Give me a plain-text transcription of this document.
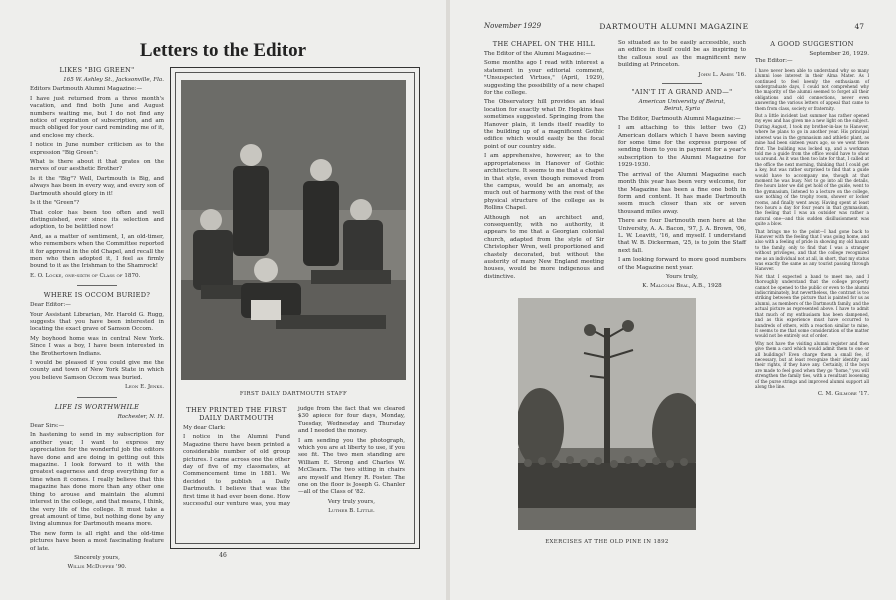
Letters to the Editor

LIKES "BIG GREEN"

165 W. Ashley St., Jacksonville, Fla.

Editors Dartmouth Alumni Magazine:—

I have just returned from a three month's vacation, and find both June and August numbers waiting me, but I do not find any notice of expiration of subscription, and am much obliged for your card reminding me of it, and enclose my check.

I notice in June number criticism as to the expression "Big Green":

What is there about it that grates on the nerves of our aesthetic Brother?

Is it the "Big"? Well, Dartmouth is Big, and always has been in every way, and every son of Dartmouth should glory in it!

Is it the "Green"?

That color has been too often and well distinguished, ever since its selection and adoption, to be belittled now!

And, as a matter of sentiment, I, an old-timer, who remembers when the Committee reported it for approval in the old Chapel, and recall the men who then adopted it, I feel as firmly bound to it as the Irishman to the Shamrock!

E. O. Locke, one-sixth of Class of 1870.

WHERE IS OCCOM BURIED?

Dear Editor:—

Your Assistant Librarian, Mr. Harold G. Rugg, suggests that you have been interested in locating the exact grave of Samson Occom.

My boyhood home was in central New York. Since I was a boy, I have been interested in the Brothertown Indians.

I would be pleased if you could give me the county and town of New York State in which you believe Samson Occom was buried.

Leon E. Jenks.

LIFE IS WORTHWHILE

Rochester, N. H.

Dear Sirs:—

In hastening to send in my subscription for another year, I want to express my appreciation for the wonderful job the editors have done and are doing in getting out this magazine. I look forward to it with the greatest eagerness and drop everything for a time when it comes. I really believe that this magazine has done more than any other one thing to arouse and maintain the alumni interest in the college, and that means, I think, the very life of the college. It must take a great amount of time, but nothing done by any living alumnus for Dartmouth means more.

The new form is all right and the old-time pictures have been a most fascinating feature of late.

Sincerely yours,

Willis McDuffee '90.

FIRST DAILY DARTMOUTH STAFF

THEY PRINTED THE FIRST

DAILY DARTMOUTH

My dear Clark:

I notice in the Alumni Fund Magazine there have been printed a considerable number of old group pictures. I came across one the other day of five of my classmates, at Commencement time in 1881. We decided to publish a Daily Dartmouth. I believe that was the first time it had ever been done. How successful our venture was, you may judge from the fact that we cleared $30 apiece for four days, Monday, Tuesday, Wednesday and Thursday and I needed the money.

I am sending you the photograph, which you are at liberty to use, if you see fit. The two men standing are William E. Strong and Charles W. McClearn. The two sitting in chairs are myself and Henry R. Foster. The one on the floor is Joseph G. Chanler—all of the Class of '82.

Very truly yours,

Luther B. Little.

46
November 1929	DARTMOUTH ALUMNI MAGAZINE	47

THE CHAPEL ON THE HILL

The Editor of the Alumni Magazine:—

Some months ago I read with interest a statement in your editorial comment, "Unsuspected Virtues," (April, 1929), suggesting the possibility of a new chapel for the college.

The Observatory hill provides an ideal location for exactly what Dr. Hopkins has sometimes suggested. Springing from the Hanover plain, it lends itself readily to the building up of a magnificent Gothic edifice which would easily be the focal point of our country side.

I am apprehensive, however, as to the appropriateness in Hanover of Gothic architecture. It seems to me that a chapel in that style, even though removed from the campus, would be an anomaly, as much out of harmony with the rest of the physical structure of the college as is Rollins Chapel.

Although not an architect and, consequently, with no authority, it appears to me that a Georgian colonial church, adapted from the style of Sir Christopher Wren, well proportioned and chastely decorated, but without the austerity of many New England meeting houses, would be more indigenous and distinctive.

So situated as to be easily accessible, such an edifice in itself could be as inspiring to the callous soul as the magnificent new building at Princeton.

John L. Ames '16.

"AIN'T IT A GRAND AND—"

American University of Beirut,

Beirut, Syria

The Editor, Dartmouth Alumni Magazine:—

I am attaching to this letter two (2) American dollars which I have been saving for some time for the express purpose of sending them to you in payment for a year's subscription to the Alumni Magazine for 1929-1930.

The arrival of the Alumni Magazine each month this year has been very welcome, for the Magazine has been a fine one both in form and content. It has made Dartmouth seem much closer than six or seven thousand miles away.

There are four Dartmouth men here at the University, A. A. Bacon, '97, J. A. Brown, '06, L. W. Leavitt, '16, and myself. I understand that W. B. Dickerman, '25, is to join the Staff next fall.

I am looking forward to more good numbers of the Magazine next year.

Yours truly,

K. Malcolm Beal, A.B., 1928

EXERCISES AT THE OLD PINE IN 1892

A GOOD SUGGESTION

September 26, 1929.

The Editor:—

I have never been able to understand why so many alumni lose interest in their Alma Mater. As I continued to feel keenly the enthusiasm of undergraduate days, I could not comprehend why the majority of the alumni seemed to forget all their obligations and old connections, never even answering the various letters of appeal that came to them from class, society or fraternity.

But a little incident last summer has rather opened my eyes and has given me a new light on the subject. During August, I took my brother-in-law to Hanover, where he plans to go in another year. His principal interest was in the gymnasium and athletic plant, as mine had been sixteen years ago, so we went there first. The building was locked up, and a workman told me a guide from the office would have to show us around. As it was then too late for that, I called at the office the next morning, thinking that I could get a key, but was rather surprised to find that a guide would have to accompany me, though at that moment he was busy. Not to go into all the details, five hours later we did get hold of the guide, went to the gymnasium, listened to a lecture on the college, saw nothing of the trophy room, shower or locker rooms, and finally went away. Having spent at least two hours a day for four years in that gymnasium, the feeling that I was an outsider was rather a natural one—and this sudden disillusionment was quite a blow.

That brings me to the point—I had gone back to Hanover with the feeling that I was going home, and also with a feeling of pride in showing my old haunts to the family, only to find that I was a stranger without privileges, and that the college recognized me as an individual not at all, in short, that my status was exactly the same as any tourist passing through Hanover.

Not that I expected a band to meet me, and I thoroughly understand that the college property cannot be opened to the public or even to the alumni indiscriminately, but nevertheless, the contrast is too striking between the picture that is painted for us as alumni, as members of the Dartmouth family, and the actual picture as represented above. I have to admit that much of my enthusiasm has been dampened, and as this experience must have occurred to hundreds of others, with a reaction similar to mine, it seems to me that some consideration of the matter would not be entirely out of order.

Why not have the visiting alumni register and then give them a card which would admit them to one or all buildings? Even charge them a small fee, if necessary, but at least recognize their identity and their rights, if they have any. Certainly, if the boys are made to feel good when they go "home," you will strengthen the family ties, with a resultant loosening of the purse strings and improved alumni support all along the line.

C. M. Gilmore '17.
